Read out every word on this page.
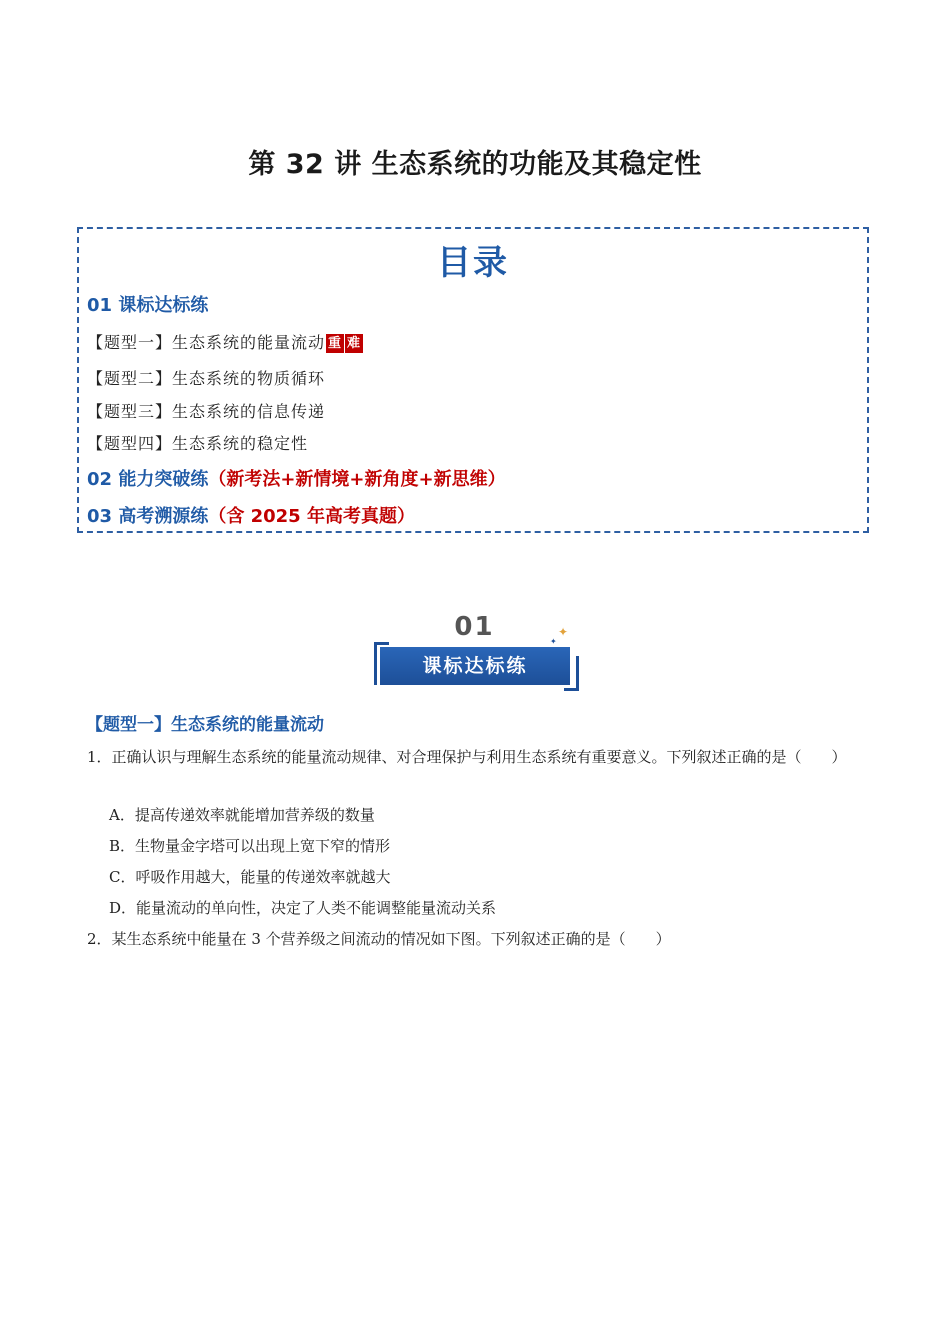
第 32 讲 生态系统的功能及其稳定性
目录
01 课标达标练
【题型一】生态系统的能量流动 重 难
【题型二】生态系统的物质循环
【题型三】生态系统的信息传递
【题型四】生态系统的稳定性
02 能力突破练（新考法+新情境+新角度+新思维）
03 高考溯源练（含 2025 年高考真题）
01
课标达标练
✦
✦
【题型一】生态系统的能量流动
1．正确认识与理解生态系统的能量流动规律、对合理保护与利用生态系统有重要意义。下列叙述正确的是（　　）
A．提高传递效率就能增加营养级的数量
B．生物量金字塔可以出现上宽下窄的情形
C．呼吸作用越大，能量的传递效率就越大
D．能量流动的单向性，决定了人类不能调整能量流动关系
2．某生态系统中能量在 3 个营养级之间流动的情况如下图。下列叙述正确的是（　　）
